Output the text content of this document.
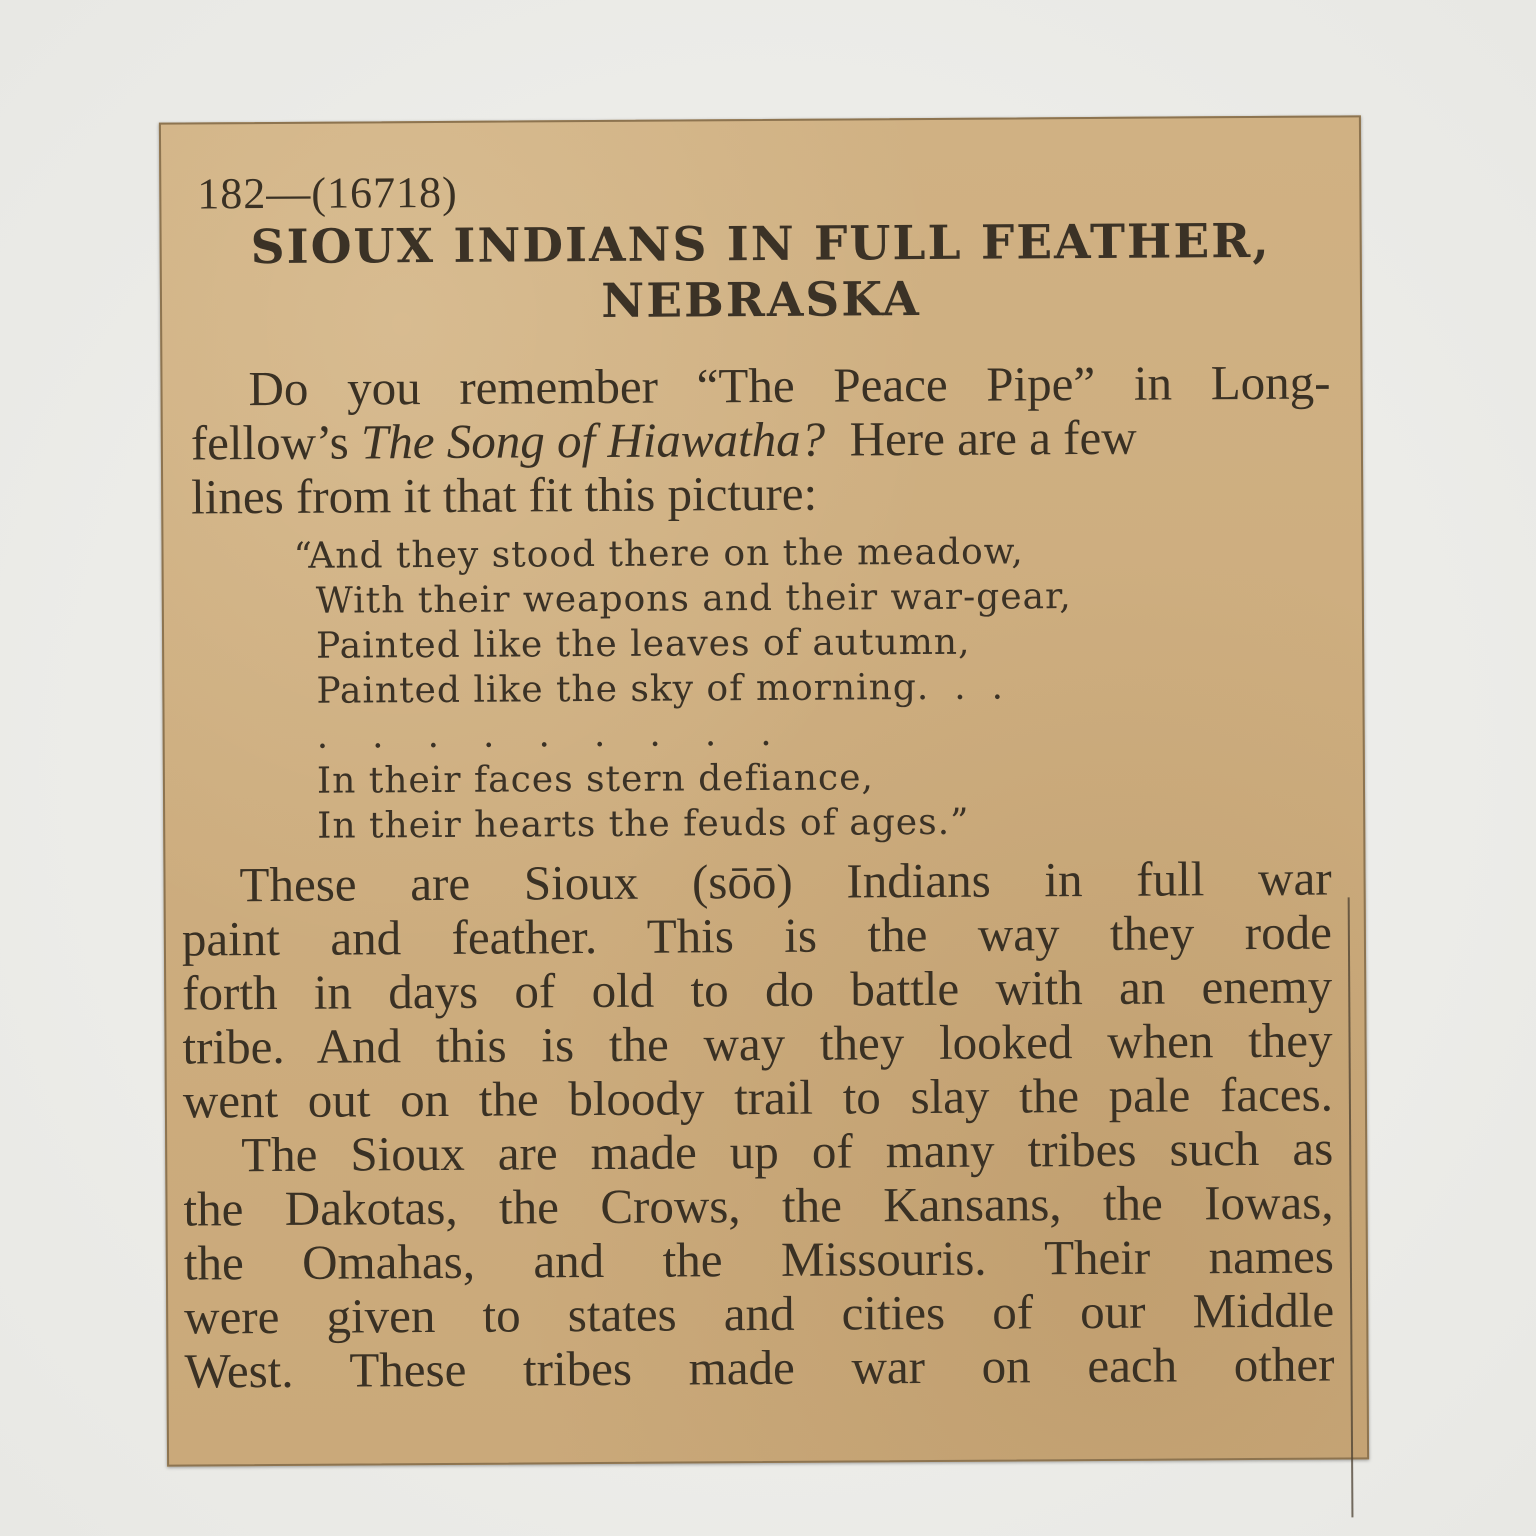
182—(16718)
SIOUX INDIANS IN FULL FEATHER,
NEBRASKA
Do you remember “The Peace Pipe” in Long-
fellow’s The Song of Hiawatha?  Here are a few
lines from it that fit this picture:
“And they stood there on the meadow,
With their weapons and their war-gear,
Painted like the leaves of autumn,
Painted like the sky of morning.  .  .
.........
In their faces stern defiance,
In their hearts the feuds of ages.”
These are Sioux (sōō) Indians in full war
paint and feather. This is the way they rode
forth in days of old to do battle with an enemy
tribe. And this is the way they looked when they
went out on the bloody trail to slay the pale faces.
The Sioux are made up of many tribes such as
the Dakotas, the Crows, the Kansans, the Iowas,
the Omahas, and the Missouris. Their names
were given to states and cities of our Middle
West. These tribes made war on each other
